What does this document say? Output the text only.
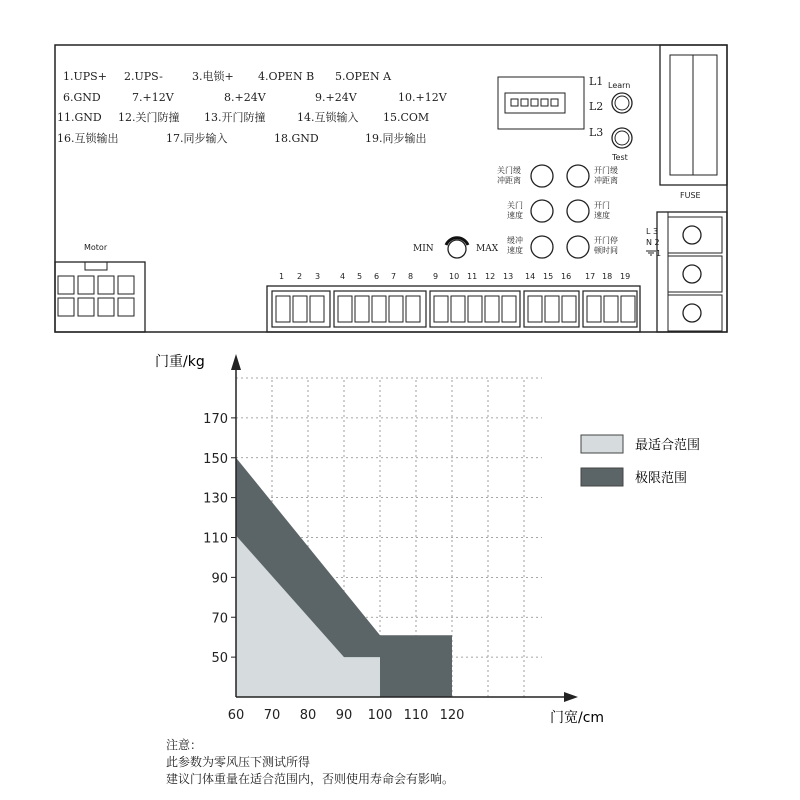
1.UPS+ 2.UPS-	3.电锁+ 4.OPEN B 5.OPEN A
6.GND	7.+12V	8.+24V	9.+24V	10.+12V
11.GND 12.关门防撞 13.开门防撞	14.互锁输入 15.COM
16.互锁输出	17.同步输入	18.GND	19.同步输出
L1
L2
L3
Learn
Test
FUSE
关门缓
冲距离
开门缓
冲距离
关门
速度
开门
速度
缓冲
速度
开门停
顿时间
MIN	MAX
Motor
1 2 3 4 5 6 7 8 9 10 11 12 13 14 15 16 17 18 19
L 3
N 2
1
50
70
90
110
130
150
170
60 70 80 90 100 110 120
门重/kg
门宽/cm
最适合范围
极限范围
注意：
此参数为零风压下测试所得
建议门体重量在适合范围内，否则使用寿命会有影响。
